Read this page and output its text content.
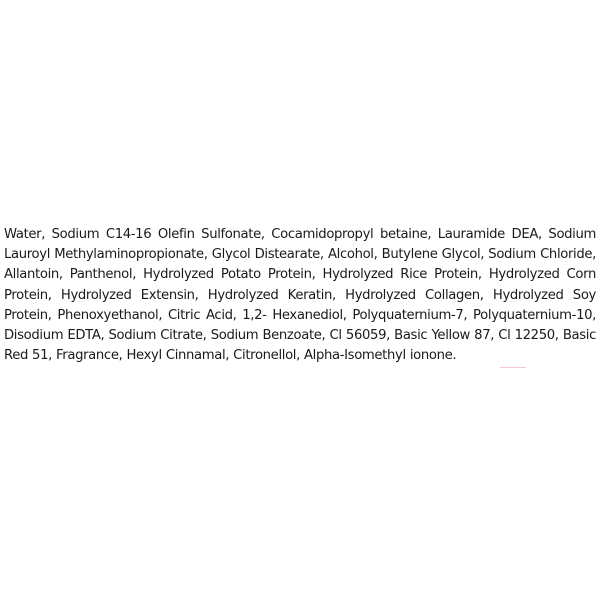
Water, Sodium C14-16 Olefin Sulfonate, Cocamidopropyl betaine, Lauramide DEA, Sodium Lauroyl Methylaminopropionate, Glycol Distearate, Alcohol, Butylene Glycol, Sodium Chloride, Allantoin, Panthenol, Hydrolyzed Potato Protein, Hydrolyzed Rice Protein, Hydrolyzed Corn Protein, Hydrolyzed Extensin, Hydrolyzed Keratin, Hydrolyzed Collagen, Hydrolyzed Soy Protein, Phenoxyethanol, Citric Acid, 1,2- Hexanediol, Polyquaternium-7, Polyquaternium-10, Disodium EDTA, Sodium Citrate, Sodium Benzoate, Cl 56059, Basic Yellow 87, Cl 12250, Basic Red 51, Fragrance, Hexyl Cinnamal, Citronellol, Alpha-Isomethyl ionone.
